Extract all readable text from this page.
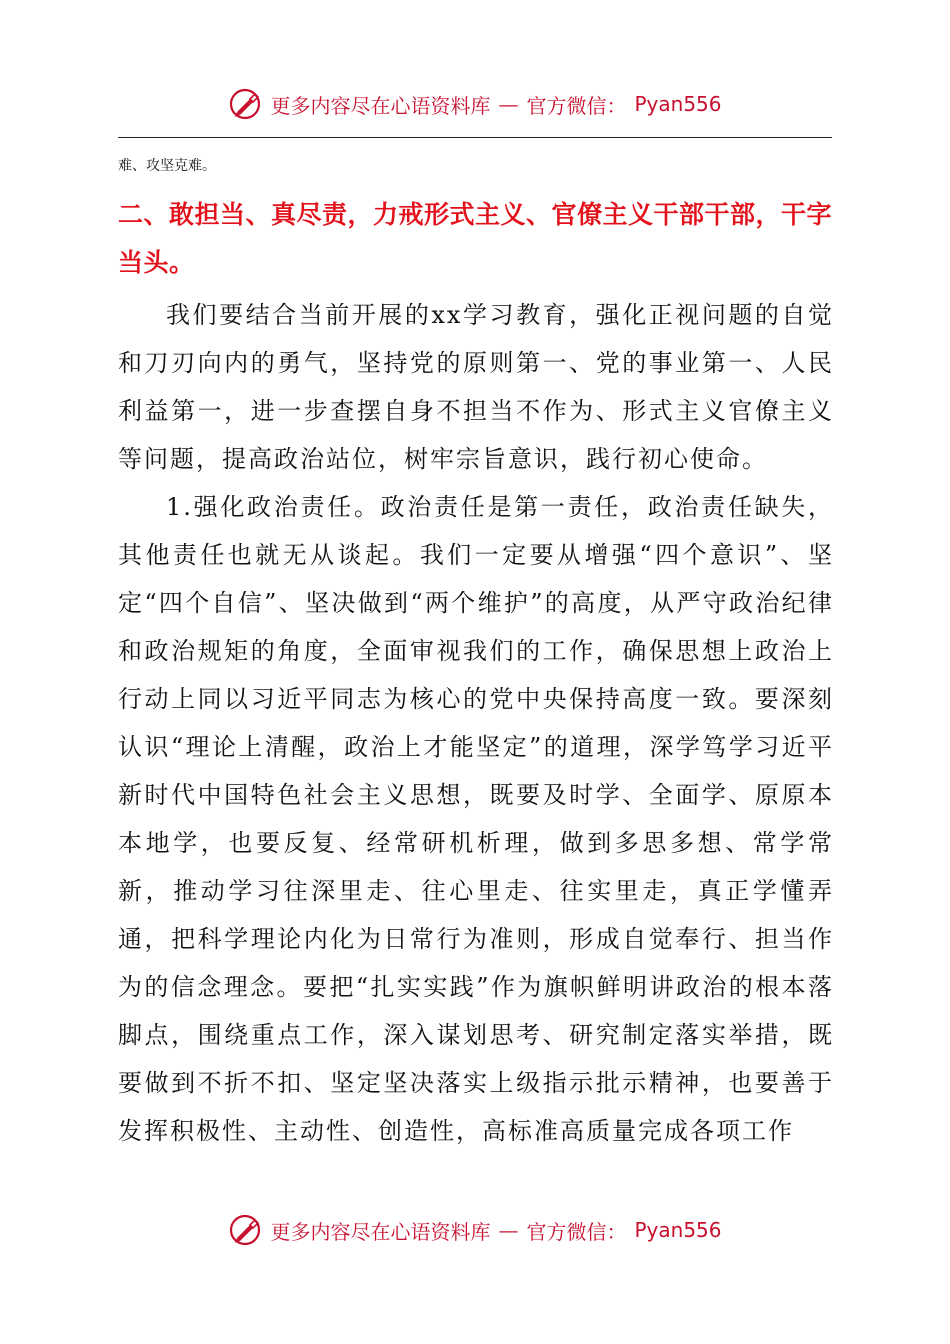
更多内容尽在心语资料库 — 官方微信： Pyan556

难、攻坚克难。

二、敢担当、真尽责，力戒形式主义、官僚主义干部干部，干字当头。

我们要结合当前开展的xx学习教育，强化正视问题的自觉和刀刃向内的勇气，坚持党的原则第一、党的事业第一、人民利益第一，进一步查摆自身不担当不作为、形式主义官僚主义等问题，提高政治站位，树牢宗旨意识，践行初心使命。

1.强化政治责任。政治责任是第一责任，政治责任缺失，其他责任也就无从谈起。我们一定要从增强“四个意识”、坚定“四个自信”、坚决做到“两个维护”的高度，从严守政治纪律和政治规矩的角度，全面审视我们的工作，确保思想上政治上行动上同以习近平同志为核心的党中央保持高度一致。要深刻认识“理论上清醒，政治上才能坚定”的道理，深学笃学习近平新时代中国特色社会主义思想，既要及时学、全面学、原原本本地学，也要反复、经常研机析理，做到多思多想、常学常新，推动学习往深里走、往心里走、往实里走，真正学懂弄通，把科学理论内化为日常行为准则，形成自觉奉行、担当作为的信念理念。要把“扎实实践”作为旗帜鲜明讲政治的根本落脚点，围绕重点工作，深入谋划思考、研究制定落实举措，既要做到不折不扣、坚定坚决落实上级指示批示精神，也要善于发挥积极性、主动性、创造性，高标准高质量完成各项工作

更多内容尽在心语资料库 — 官方微信： Pyan556
